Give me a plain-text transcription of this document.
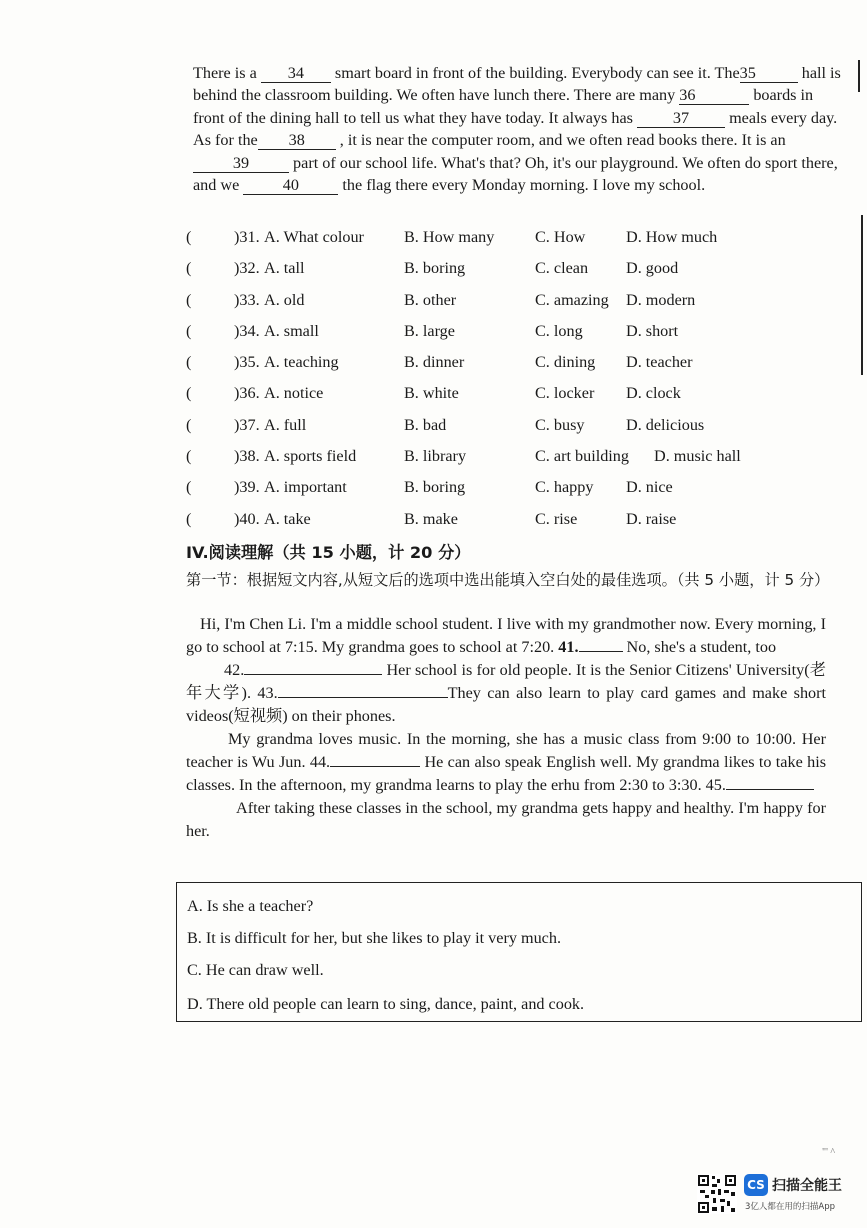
There is a 34 smart board in front of the building. Everybody can see it. The35	hall is behind the classroom building. We often have lunch there. There are many 36	boards in front of the dining hall to tell us what they have today. It always has 37 meals every day. As for the 38 , it is near the computer room, and we often read books there. It is an39	part of our school life. What's that? Oh, it's our playground. We often do sport there, and we	40	the flag there every Monday morning. I love my school.

(	)31. A. What colour B. How many	C. How	D. How much
(	)32. A. tall	B. boring	C. clean D. good
(	)33. A. old	B. other	C. amazing D. modern
(	)34. A. small	B. large	C. long	D. short
(	)35. A. teaching	B. dinner	C. dining D. teacher
(	)36. A. notice	B. white	C. locker D. clock
(	)37. A. full	B. bad	C. busy	D. delicious
(	)38. A. sports field	B. library	C. art building D. music hall
(	)39. A. important	B. boring	C. happy D. nice
(	)40. A. take	B. make	C. rise	D. raise
IV.阅读理解（共 15 小题，计 20 分）
第一节：根据短文内容,从短文后的选项中选出能填入空白处的最佳选项。（共 5 小题，计 5 分）

Hi, I'm Chen Li. I'm a middle school student. I live with my grandmother now. Every morning, I go to school at 7:15. My grandma goes to school at 7:20. 41.	No, she's a student, too

42.	Her school is for old people. It is the Senior Citizens' University(老年大学). 43.	They can also learn to play card games and make short videos(短视频) on their phones.

My grandma loves music. In the morning, she has a music class from 9:00 to 10:00. Her teacher is Wu Jun. 44.	He can also speak English well. My grandma likes to take his classes. In the afternoon, my grandma learns to play the erhu from 2:30 to 3:30. 45.

After taking these classes in the school, my grandma gets happy and healthy. I'm happy for her.

A. Is she a teacher?
B. It is difficult for her, but she likes to play it very much.
C. He can draw well.
D. There old people can learn to sing, dance, paint, and cook.
"' ^
CS 扫描全能王
3亿人都在用的扫描App
